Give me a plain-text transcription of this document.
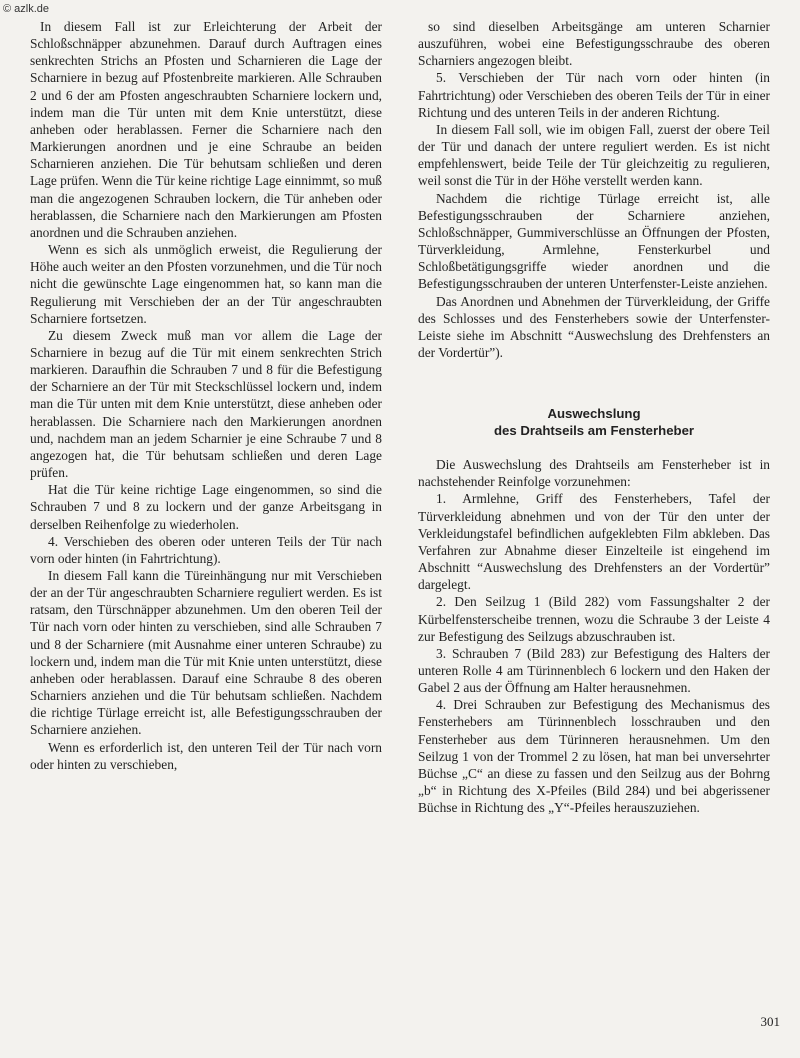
© azlk.de

In diesem Fall ist zur Erleichterung der Arbeit der Schloßschnäpper abzunehmen. Darauf durch Auftragen eines senkrechten Strichs an Pfosten und Scharnieren die Lage der Scharniere in bezug auf Pfostenbreite markieren. Alle Schrauben 2 und 6 der am Pfosten angeschraubten Scharniere lockern und, indem man die Tür unten mit dem Knie unterstützt, diese anheben oder herablassen. Ferner die Scharniere nach den Markierungen anordnen und je eine Schraube an beiden Scharnieren anziehen. Die Tür behutsam schließen und deren Lage prüfen. Wenn die Tür keine richtige Lage einnimmt, so muß man die angezogenen Schrauben lockern, die Tür anheben oder herablassen, die Scharniere nach den Markierungen am Pfosten anordnen und die Schrauben anziehen.

Wenn es sich als unmöglich erweist, die Regulierung der Höhe auch weiter an den Pfosten vorzunehmen, und die Tür noch nicht die gewünschte Lage eingenommen hat, so kann man die Regulierung mit Verschieben der an der Tür angeschraubten Scharniere fortsetzen.

Zu diesem Zweck muß man vor allem die Lage der Scharniere in bezug auf die Tür mit einem senkrechten Strich markieren. Daraufhin die Schrauben 7 und 8 für die Befestigung der Scharniere an der Tür mit Steckschlüssel lockern und, indem man die Tür unten mit dem Knie unterstützt, diese anheben oder herablassen. Die Scharniere nach den Markierungen anordnen und, nachdem man an jedem Scharnier je eine Schraube 7 und 8 angezogen hat, die Tür behutsam schließen und deren Lage prüfen.

Hat die Tür keine richtige Lage eingenommen, so sind die Schrauben 7 und 8 zu lockern und der ganze Arbeitsgang in derselben Reihenfolge zu wiederholen.

4. Verschieben des oberen oder unteren Teils der Tür nach vorn oder hinten (in Fahrtrichtung).

In diesem Fall kann die Türeinhängung nur mit Verschieben der an der Tür angeschraubten Scharniere reguliert werden. Es ist ratsam, den Türschnäpper abzunehmen. Um den oberen Teil der Tür nach vorn oder hinten zu verschieben, sind alle Schrauben 7 und 8 der Scharniere (mit Ausnahme einer unteren Schraube) zu lockern und, indem man die Tür mit Knie unten unterstützt, diese anheben oder herablassen. Darauf eine Schraube 8 des oberen Scharniers anziehen und die Tür behutsam schließen. Nachdem die richtige Türlage erreicht ist, alle Befestigungsschrauben der Scharniere anziehen.

Wenn es erforderlich ist, den unteren Teil der Tür nach vorn oder hinten zu verschieben,

so sind dieselben Arbeitsgänge am unteren Scharnier auszuführen, wobei eine Befestigungsschraube des oberen Scharniers angezogen bleibt.

5. Verschieben der Tür nach vorn oder hinten (in Fahrtrichtung) oder Verschieben des oberen Teils der Tür in einer Richtung und des unteren Teils in der anderen Richtung.

In diesem Fall soll, wie im obigen Fall, zuerst der obere Teil der Tür und danach der untere reguliert werden. Es ist nicht empfehlenswert, beide Teile der Tür gleichzeitig zu regulieren, weil sonst die Tür in der Höhe verstellt werden kann.

Nachdem die richtige Türlage erreicht ist, alle Befestigungsschrauben der Scharniere anziehen, Schloßschnäpper, Gummiverschlüsse an Öffnungen der Pfosten, Türverkleidung, Armlehne, Fensterkurbel und Schloßbetätigungsgriffe wieder anordnen und die Befestigungsschrauben der unteren Unterfenster-Leiste anziehen.

Das Anordnen und Abnehmen der Türverkleidung, der Griffe des Schlosses und des Fensterhebers sowie der Unterfenster-Leiste siehe im Abschnitt “Auswechslung des Drehfensters an der Vordertür”).

Auswechslung
des Drahtseils am Fensterheber

Die Auswechslung des Drahtseils am Fensterheber ist in nachstehender Reinfolge vorzunehmen:

1. Armlehne, Griff des Fensterhebers, Tafel der Türverkleidung abnehmen und von der Tür den unter der Verkleidungstafel befindlichen aufgeklebten Film abkleben. Das Verfahren zur Abnahme dieser Einzelteile ist eingehend im Abschnitt “Auswechslung des Drehfensters an der Vordertür” dargelegt.

2. Den Seilzug 1 (Bild 282) vom Fassungshalter 2 der Kürbelfensterscheibe trennen, wozu die Schraube 3 der Leiste 4 zur Befestigung des Seilzugs abzuschrauben ist.

3. Schrauben 7 (Bild 283) zur Befestigung des Halters der unteren Rolle 4 am Türinnenblech 6 lockern und den Haken der Gabel 2 aus der Öffnung am Halter herausnehmen.

4. Drei Schrauben zur Befestigung des Mechanismus des Fensterhebers am Türinnenblech losschrauben und den Fensterheber aus dem Türinneren herausnehmen. Um den Seilzug 1 von der Trommel 2 zu lösen, hat man bei unversehrter Büchse „C“ an diese zu fassen und den Seilzug aus der Bohrng „b“ in Richtung des X-Pfeiles (Bild 284) und bei abgerissener Büchse in Richtung des „Y“-Pfeiles herauszuziehen.

301
